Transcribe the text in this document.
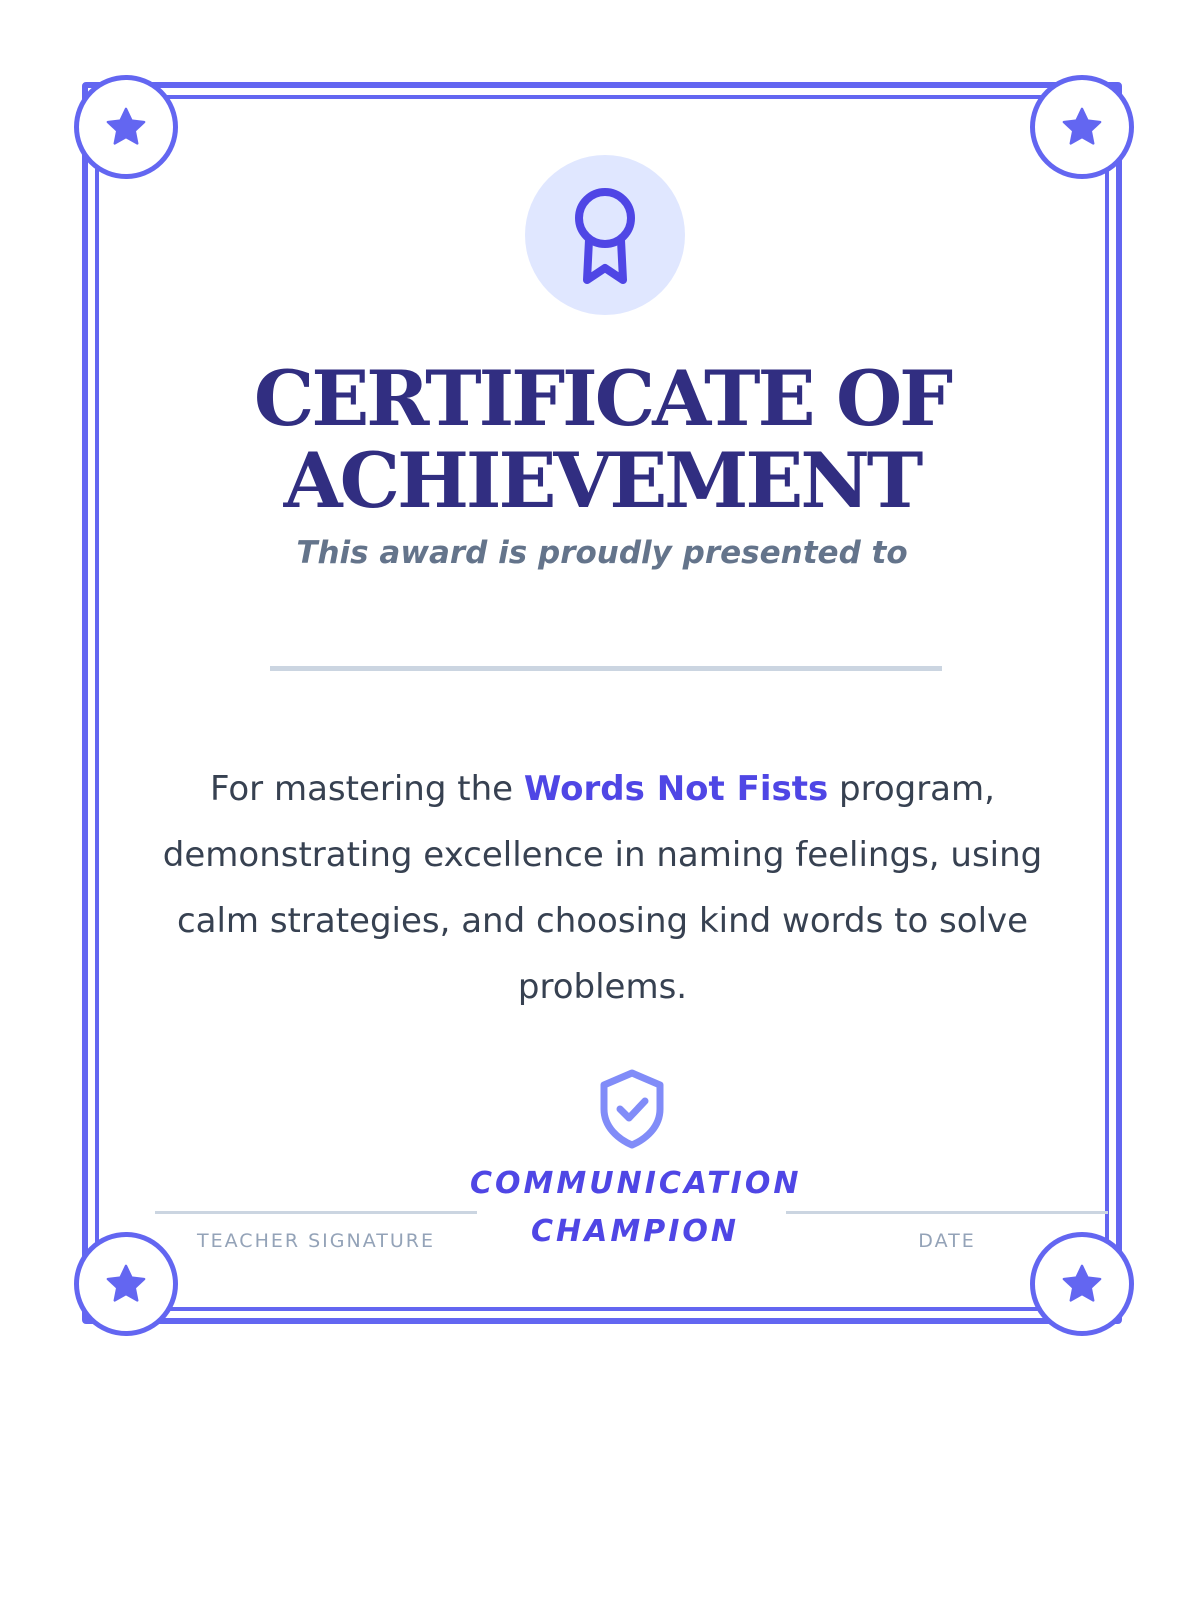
CERTIFICATE OF
ACHIEVEMENT

This award is proudly presented to

For mastering the Words Not Fists program, demonstrating excellence in naming feelings, using calm strategies, and choosing kind words to solve problems.

COMMUNICATION
CHAMPION

TEACHER SIGNATURE	DATE
